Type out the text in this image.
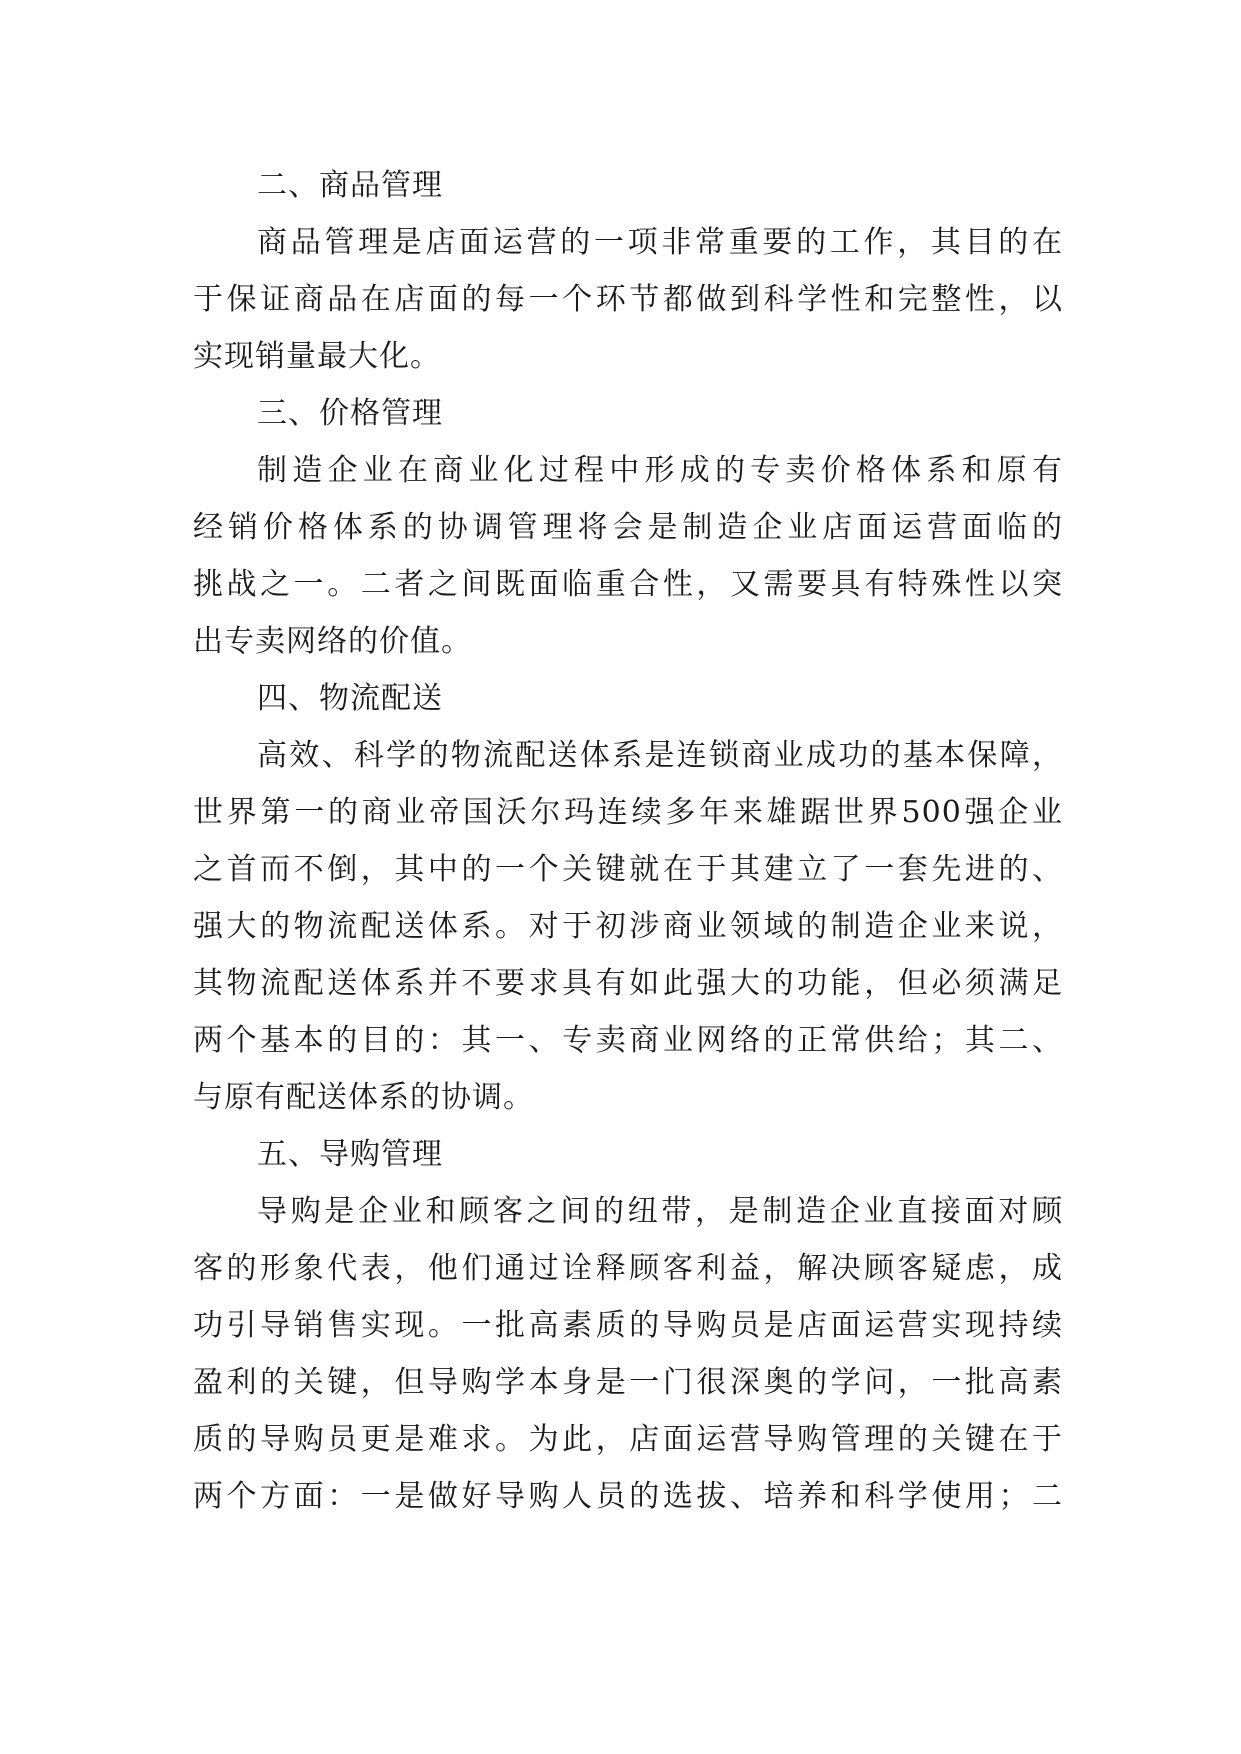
二、商品管理
商品管理是店面运营的一项非常重要的工作，其目的在
于保证商品在店面的每一个环节都做到科学性和完整性，以
实现销量最大化。
三、价格管理
制造企业在商业化过程中形成的专卖价格体系和原有
经销价格体系的协调管理将会是制造企业店面运营面临的
挑战之一。二者之间既面临重合性，又需要具有特殊性以突
出专卖网络的价值。
四、物流配送
高效、科学的物流配送体系是连锁商业成功的基本保障，
世界第一的商业帝国沃尔玛连续多年来雄踞世界500强企业
之首而不倒，其中的一个关键就在于其建立了一套先进的、
强大的物流配送体系。对于初涉商业领域的制造企业来说，
其物流配送体系并不要求具有如此强大的功能，但必须满足
两个基本的目的：其一、专卖商业网络的正常供给；其二、
与原有配送体系的协调。
五、导购管理
导购是企业和顾客之间的纽带，是制造企业直接面对顾
客的形象代表，他们通过诠释顾客利益，解决顾客疑虑，成
功引导销售实现。一批高素质的导购员是店面运营实现持续
盈利的关键，但导购学本身是一门很深奥的学问，一批高素
质的导购员更是难求。为此，店面运营导购管理的关键在于
两个方面：一是做好导购人员的选拔、培养和科学使用；二
